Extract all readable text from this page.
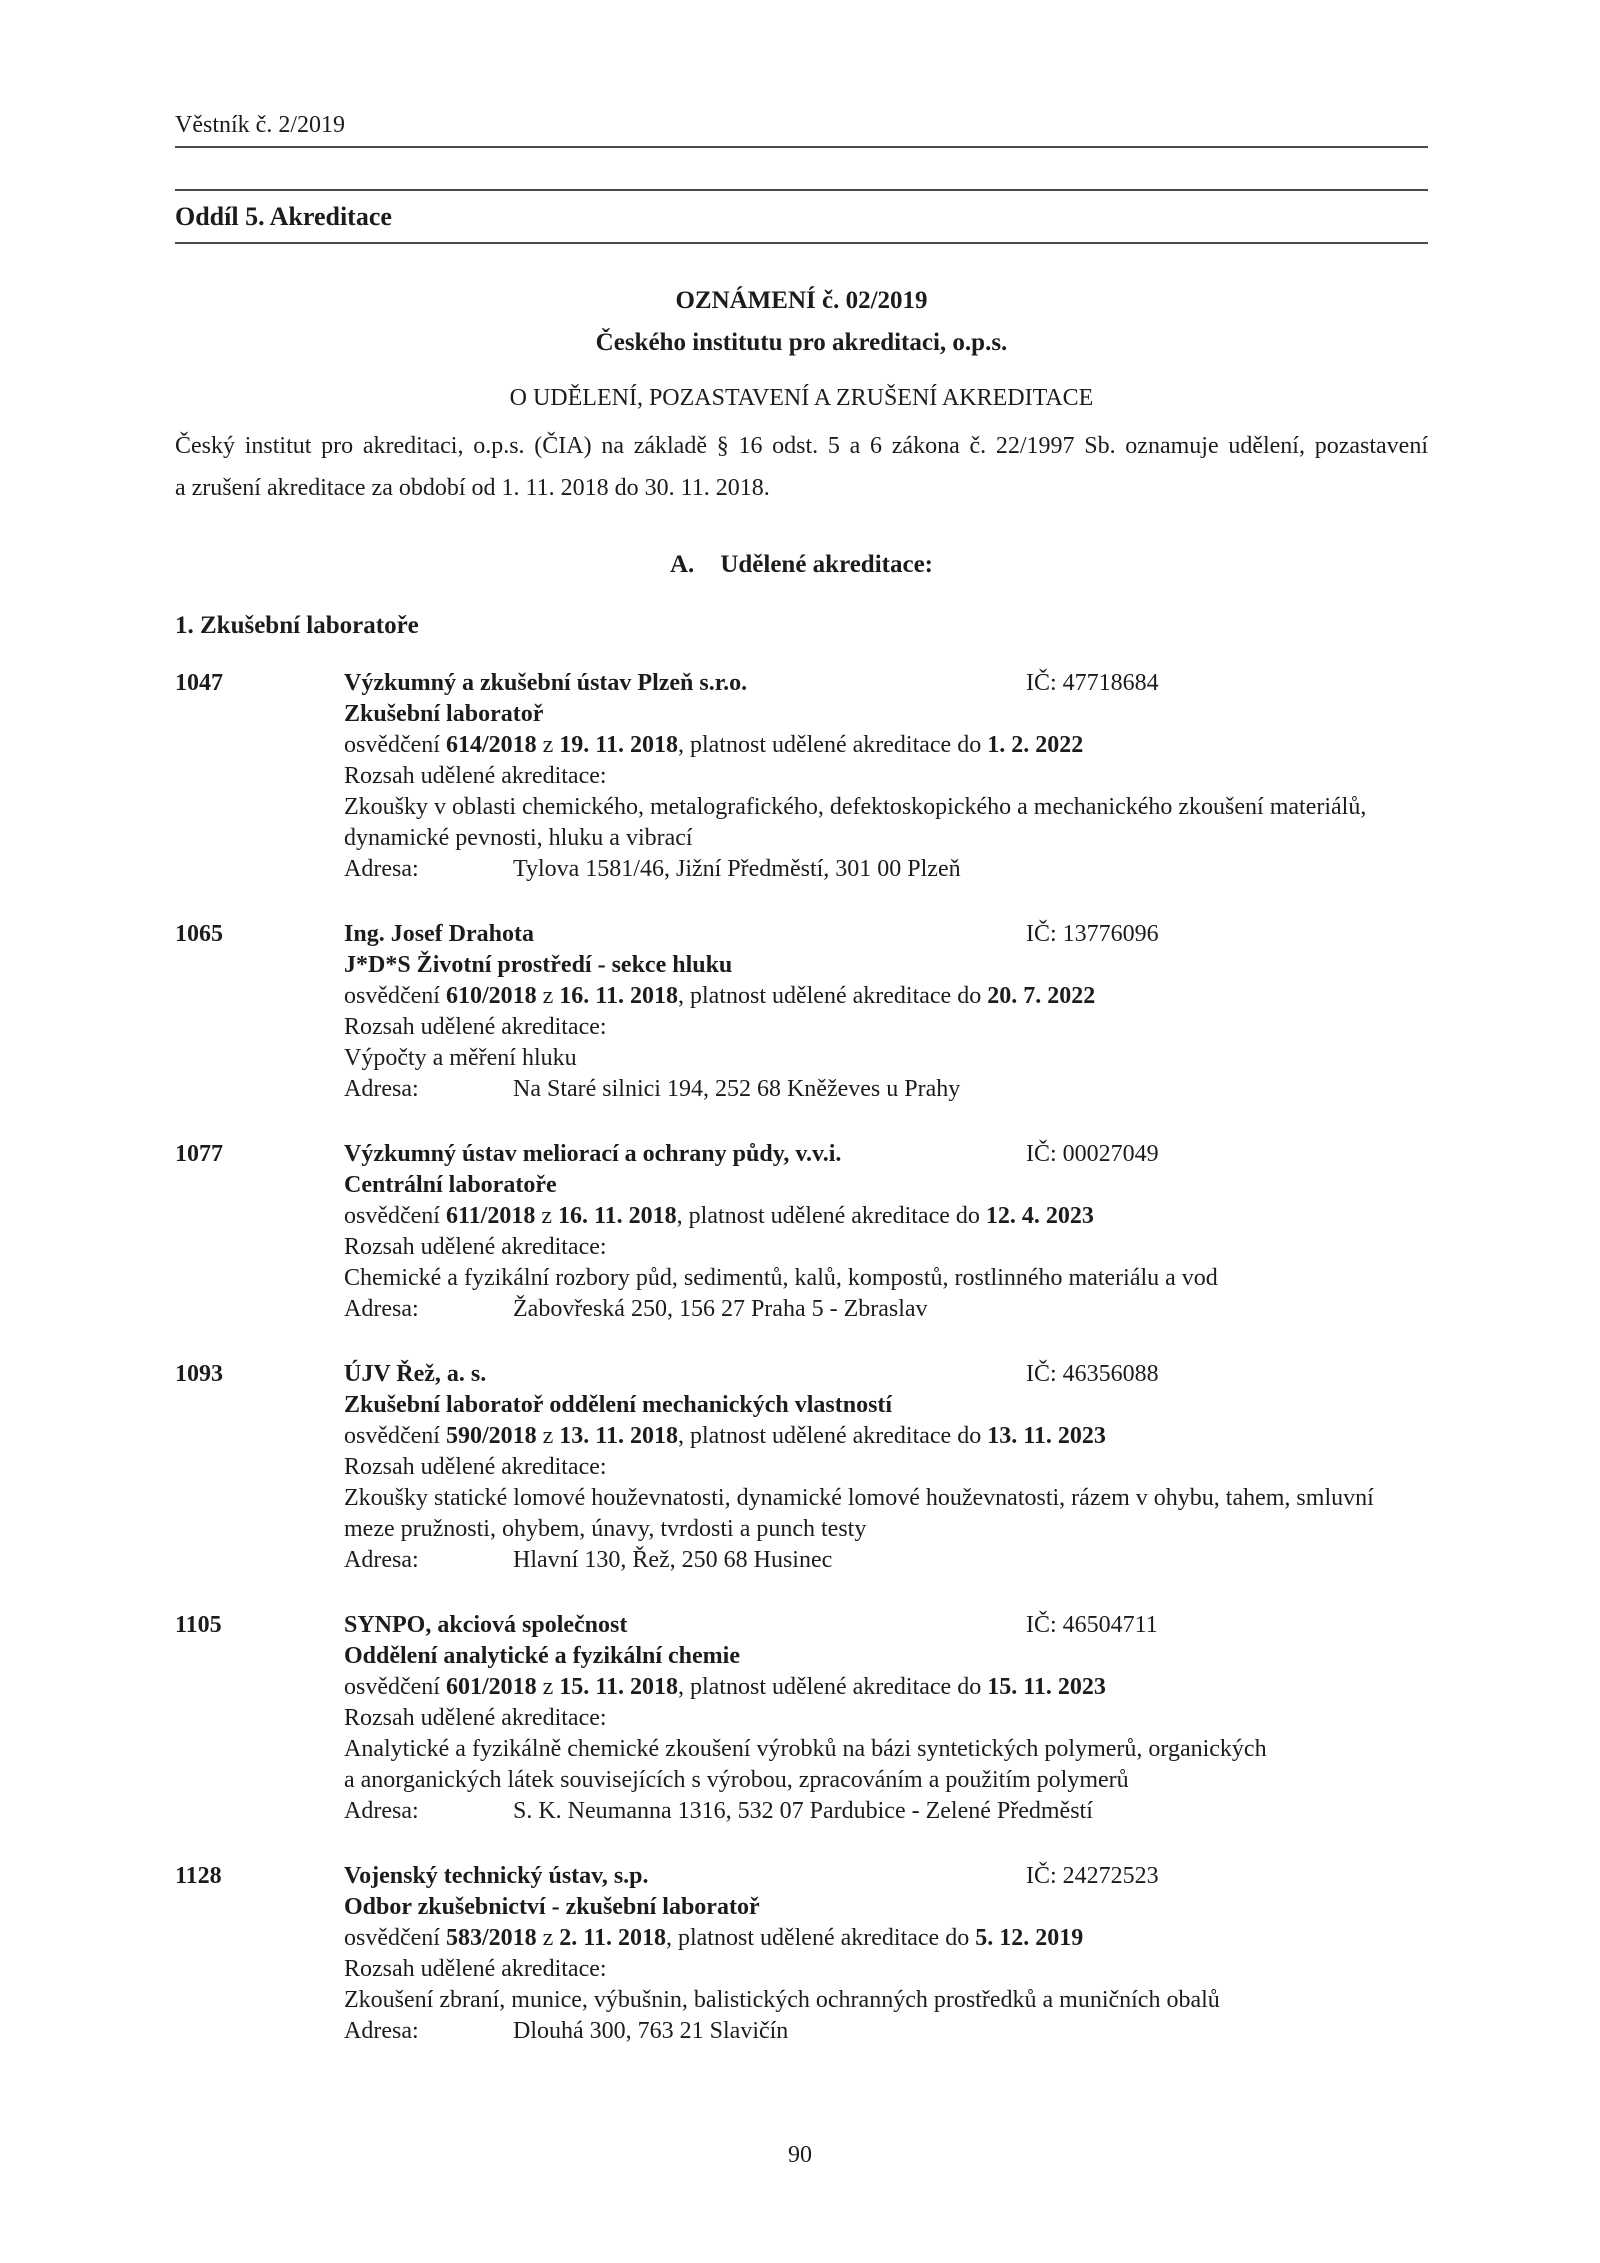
Věstník č. 2/2019
Oddíl 5. Akreditace
OZNÁMENÍ č. 02/2019
Českého institutu pro akreditaci, o.p.s.
O UDĚLENÍ, POZASTAVENÍ A ZRUŠENÍ AKREDITACE
Český institut pro akreditaci, o.p.s. (ČIA) na základě § 16 odst. 5 a 6 zákona č. 22/1997 Sb. oznamuje udělení, pozastavení
a zrušení akreditace za období od 1. 11. 2018 do 30. 11. 2018.
A. Udělené akreditace:
1. Zkušební laboratoře
1047	Výzkumný a zkušební ústav Plzeň s.r.o.	IČ: 47718684
Zkušební laboratoř
osvědčení 614/2018 z 19. 11. 2018, platnost udělené akreditace do 1. 2. 2022
Rozsah udělené akreditace:
Zkoušky v oblasti chemického, metalografického, defektoskopického a mechanického zkoušení materiálů,
dynamické pevnosti, hluku a vibrací
Adresa:	Tylova 1581/46, Jižní Předměstí, 301 00 Plzeň
1065	Ing. Josef Drahota	IČ: 13776096
J*D*S Životní prostředí - sekce hluku
osvědčení 610/2018 z 16. 11. 2018, platnost udělené akreditace do 20. 7. 2022
Rozsah udělené akreditace:
Výpočty a měření hluku
Adresa:	Na Staré silnici 194, 252 68 Kněževes u Prahy
1077	Výzkumný ústav meliorací a ochrany půdy, v.v.i.	IČ: 00027049
Centrální laboratoře
osvědčení 611/2018 z 16. 11. 2018, platnost udělené akreditace do 12. 4. 2023
Rozsah udělené akreditace:
Chemické a fyzikální rozbory půd, sedimentů, kalů, kompostů, rostlinného materiálu a vod
Adresa:	Žabovřeská 250, 156 27 Praha 5 - Zbraslav
1093	ÚJV Řež, a. s.	IČ: 46356088
Zkušební laboratoř oddělení mechanických vlastností
osvědčení 590/2018 z 13. 11. 2018, platnost udělené akreditace do 13. 11. 2023
Rozsah udělené akreditace:
Zkoušky statické lomové houževnatosti, dynamické lomové houževnatosti, rázem v ohybu, tahem, smluvní
meze pružnosti, ohybem, únavy, tvrdosti a punch testy
Adresa:	Hlavní 130, Řež, 250 68 Husinec
1105	SYNPO, akciová společnost	IČ: 46504711
Oddělení analytické a fyzikální chemie
osvědčení 601/2018 z 15. 11. 2018, platnost udělené akreditace do 15. 11. 2023
Rozsah udělené akreditace:
Analytické a fyzikálně chemické zkoušení výrobků na bázi syntetických polymerů, organických
a anorganických látek souvisejících s výrobou, zpracováním a použitím polymerů
Adresa:	S. K. Neumanna 1316, 532 07 Pardubice - Zelené Předměstí
1128	Vojenský technický ústav, s.p.	IČ: 24272523
Odbor zkušebnictví - zkušební laboratoř
osvědčení 583/2018 z 2. 11. 2018, platnost udělené akreditace do 5. 12. 2019
Rozsah udělené akreditace:
Zkoušení zbraní, munice, výbušnin, balistických ochranných prostředků a muničních obalů
Adresa:	Dlouhá 300, 763 21 Slavičín
90
